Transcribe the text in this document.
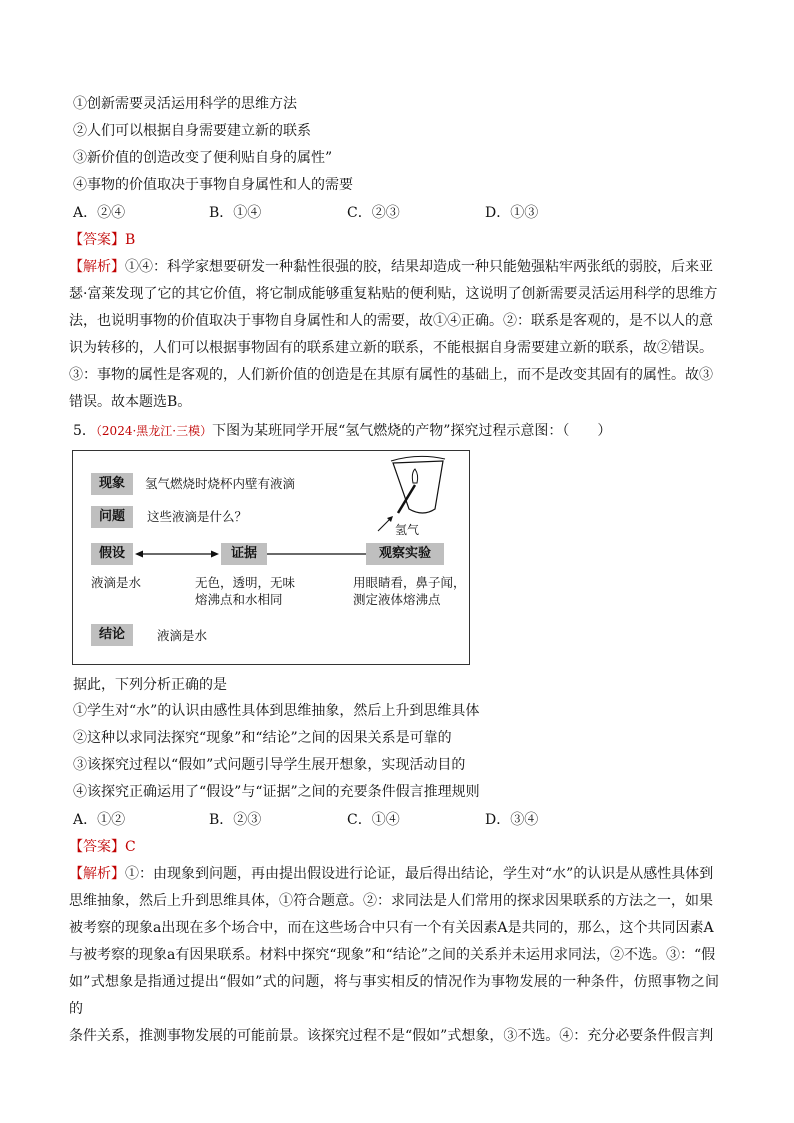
①创新需要灵活运用科学的思维方法
②人们可以根据自身需要建立新的联系
③新价值的创造改变了便利贴自身的属性”
④事物的价值取决于事物自身属性和人的需要
A．②④	B．①④	C．②③	D．①③
【答案】B
【解析】①④：科学家想要研发一种黏性很强的胶，结果却造成一种只能勉强粘牢两张纸的弱胶，后来亚
瑟·富莱发现了它的其它价值，将它制成能够重复粘贴的便利贴，这说明了创新需要灵活运用科学的思维方
法，也说明事物的价值取决于事物自身属性和人的需要，故①④正确。②：联系是客观的，是不以人的意
识为转移的，人们可以根据事物固有的联系建立新的联系，不能根据自身需要建立新的联系，故②错误。
③：事物的属性是客观的，人们新价值的创造是在其原有属性的基础上，而不是改变其固有的属性。故③
错误。故本题选B。
5．（2024·黑龙江·三模）下图为某班同学开展“氢气燃烧的产物”探究过程示意图：（　　）
现象	氢气燃烧时烧杯内壁有液滴
问题	这些液滴是什么？
假设	证据	观察实验
氢气
液滴是水	无色，透明，无味
熔沸点和水相同
用眼睛看，鼻子闻，
测定液体熔沸点
结论	液滴是水
据此，下列分析正确的是
①学生对“水”的认识由感性具体到思维抽象，然后上升到思维具体
②这种以求同法探究“现象”和“结论”之间的因果关系是可靠的
③该探究过程以“假如”式问题引导学生展开想象，实现活动目的
④该探究正确运用了“假设”与“证据”之间的充要条件假言推理规则
A．①②	B．②③	C．①④	D．③④
【答案】C
【解析】①：由现象到问题，再由提出假设进行论证，最后得出结论，学生对“水”的认识是从感性具体到
思维抽象，然后上升到思维具体，①符合题意。②：求同法是人们常用的探求因果联系的方法之一，如果
被考察的现象a出现在多个场合中，而在这些场合中只有一个有关因素A是共同的，那么，这个共同因素A
与被考察的现象a有因果联系。材料中探究“现象”和“结论”之间的关系并未运用求同法，②不选。③：“假
如”式想象是指通过提出“假如”式的问题，将与事实相反的情况作为事物发展的一种条件，仿照事物之间的
条件关系，推测事物发展的可能前景。该探究过程不是“假如”式想象，③不选。④：充分必要条件假言判
